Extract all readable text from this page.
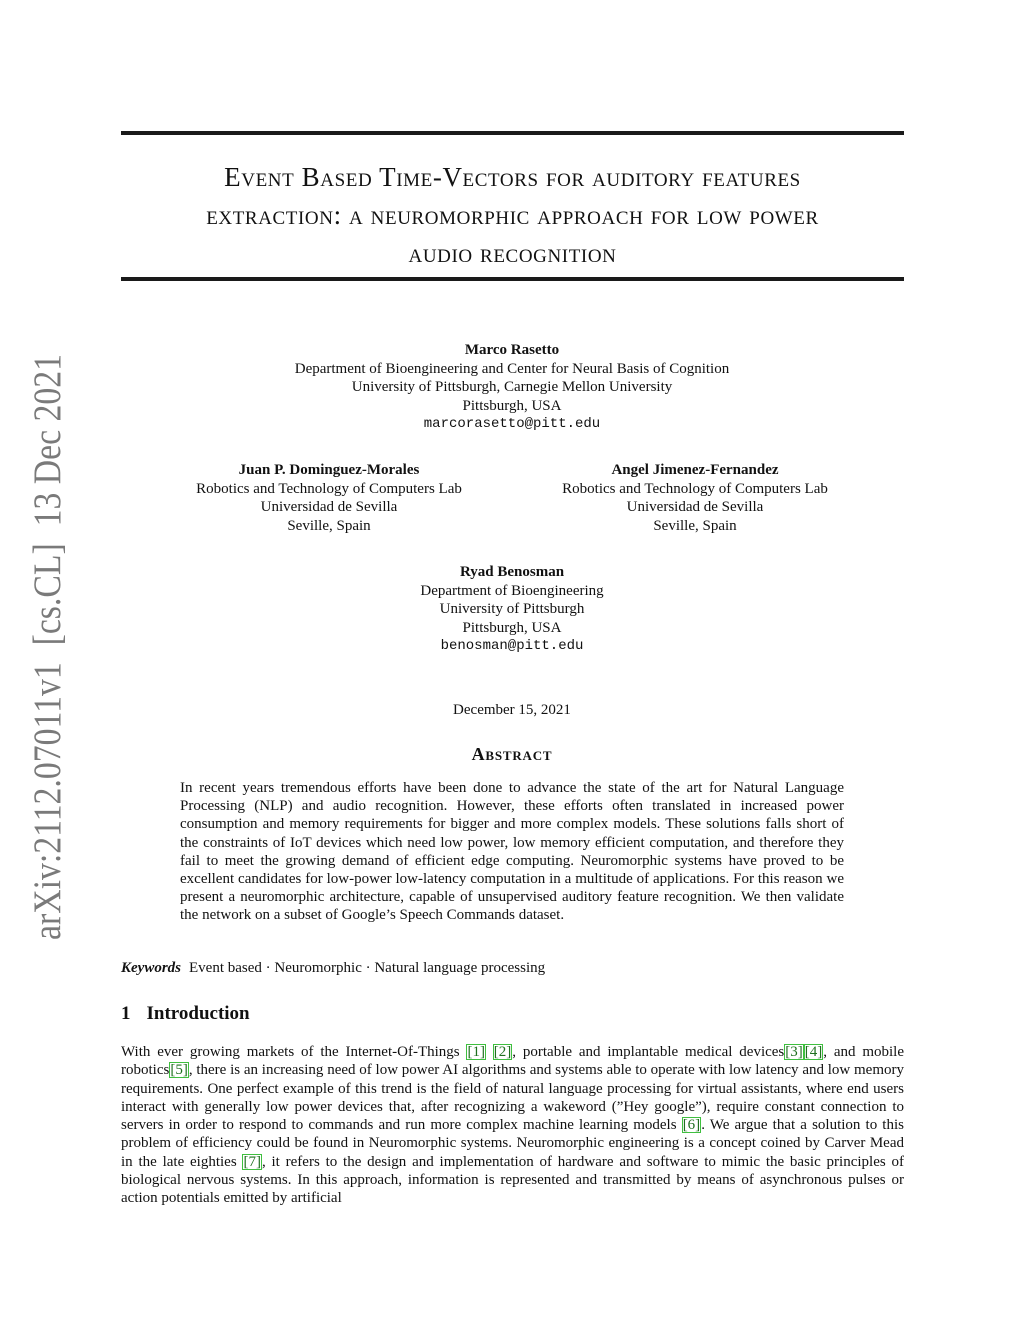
Event Based Time-Vectors for auditory features
extraction: a neuromorphic approach for low power
audio recognition
arXiv:2112.07011v1  [cs.CL]  13 Dec 2021	Marco Rasetto
Department of Bioengineering and Center for Neural Basis of Cognition
University of Pittsburgh, Carnegie Mellon University
Pittsburgh, USA
marcorasetto@pitt.edu
Juan P. Dominguez-Morales
Robotics and Technology of Computers Lab
Universidad de Sevilla
Seville, Spain
Angel Jimenez-Fernandez
Robotics and Technology of Computers Lab
Universidad de Sevilla
Seville, Spain
Ryad Benosman
Department of Bioengineering
University of Pittsburgh
Pittsburgh, USA
benosman@pitt.edu
December 15, 2021
Abstract
In recent years tremendous efforts have been done to advance the state of the art for Natural Language Processing (NLP) and audio recognition. However, these efforts often translated in increased power consumption and memory requirements for bigger and more complex models. These solutions falls short of the constraints of IoT devices which need low power, low memory efficient computation, and therefore they fail to meet the growing demand of efficient edge computing. Neuromorphic systems have proved to be excellent candidates for low-power low-latency computation in a multitude of applications. For this reason we present a neuromorphic architecture, capable of unsupervised auditory feature recognition. We then validate the network on a subset of Google’s Speech Commands dataset.
Keywords Event based · Neuromorphic · Natural language processing
1 Introduction
With ever growing markets of the Internet-Of-Things [1] [2], portable and implantable medical devices[3] [4], and mobile robotics[5], there is an increasing need of low power AI algorithms and systems able to operate with low latency and low memory requirements. One perfect example of this trend is the field of natural language processing for virtual assistants, where end users interact with generally low power devices that, after recognizing a wakeword (”Hey google”), require constant connection to servers in order to respond to commands and run more complex machine learning models [6]. We argue that a solution to this problem of efficiency could be found in Neuromorphic systems. Neuromorphic engineering is a concept coined by Carver Mead in the late eighties [7], it refers to the design and implementation of hardware and software to mimic the basic principles of biological nervous systems. In this approach, information is represented and transmitted by means of asynchronous pulses or action potentials emitted by artificial
